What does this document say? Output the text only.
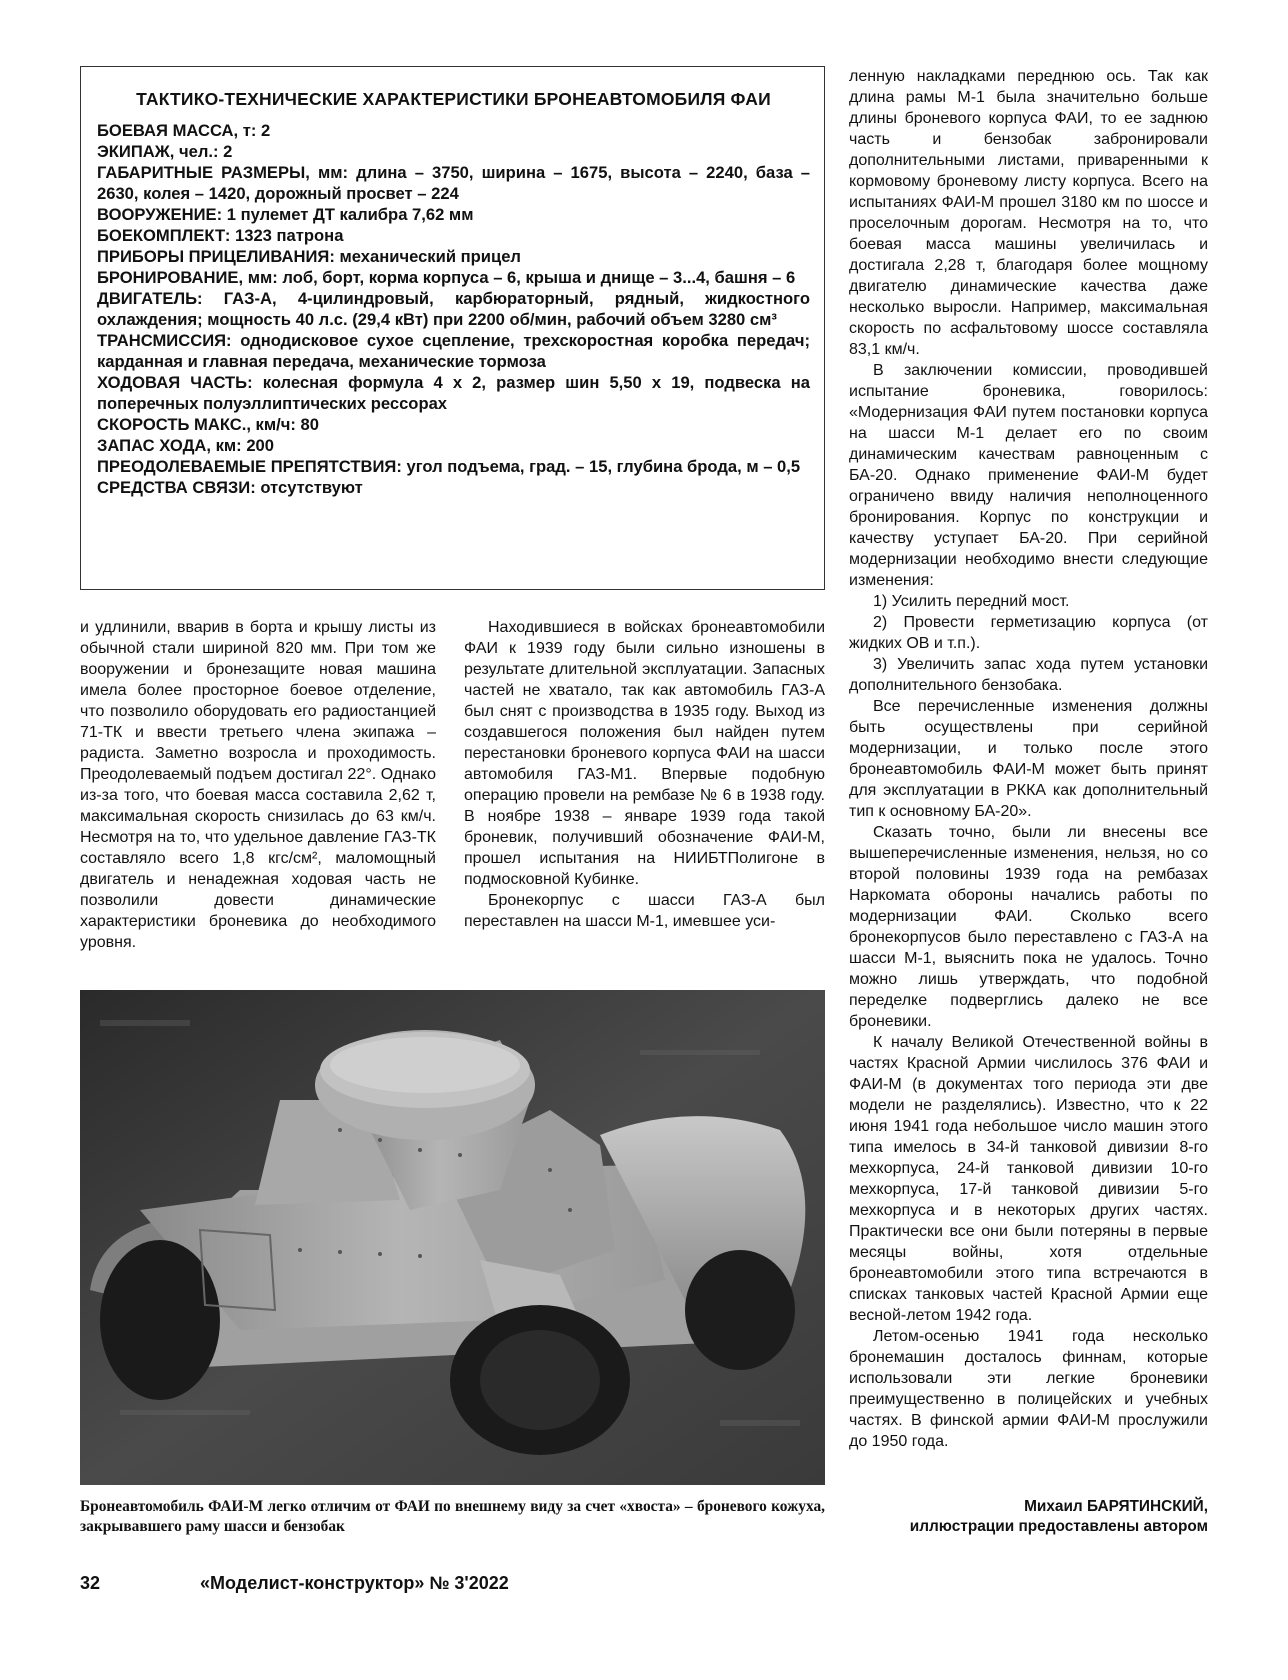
ТАКТИКО-ТЕХНИЧЕСКИЕ ХАРАКТЕРИСТИКИ БРОНЕАВТОМОБИЛЯ ФАИ

БОЕВАЯ МАССА, т: 2

ЭКИПАЖ, чел.: 2

ГАБАРИТНЫЕ РАЗМЕРЫ, мм: длина – 3750, ширина – 1675, высота – 2240, база – 2630, колея – 1420, дорожный просвет – 224

ВООРУЖЕНИЕ: 1 пулемет ДТ калибра 7,62 мм

БОЕКОМПЛЕКТ: 1323 патрона

ПРИБОРЫ ПРИЦЕЛИВАНИЯ: механический прицел

БРОНИРОВАНИЕ, мм: лоб, борт, корма корпуса – 6, крыша и днище – 3...4, башня – 6

ДВИГАТЕЛЬ: ГАЗ-А, 4-цилиндровый, карбюраторный, рядный, жидкостного охлаждения; мощность 40 л.с. (29,4 кВт) при 2200 об/мин, рабочий объем 3280 см³

ТРАНСМИССИЯ: однодисковое сухое сцепление, трехскоростная коробка передач; карданная и главная передача, механические тормоза

ХОДОВАЯ ЧАСТЬ: колесная формула 4 х 2, размер шин 5,50 х 19, подвеска на поперечных полуэллиптических рессорах

СКОРОСТЬ МАКС., км/ч: 80

ЗАПАС ХОДА, км: 200

ПРЕОДОЛЕВАЕМЫЕ ПРЕПЯТСТВИЯ: угол подъема, град. – 15, глубина брода, м – 0,5

СРЕДСТВА СВЯЗИ: отсутствуют

и удлинили, вварив в борта и крышу листы из обычной стали шириной 820 мм. При том же вооружении и бронезащите новая машина имела более просторное боевое отделение, что позволило оборудовать его радиостанцией 71-ТК и ввести третьего члена экипажа – радиста. Заметно возросла и проходимость. Преодолеваемый подъем достигал 22°. Однако из-за того, что боевая масса составила 2,62 т, максимальная скорость снизилась до 63 км/ч. Несмотря на то, что удельное давление ГАЗ-ТК составляло всего 1,8 кгс/см², маломощный двигатель и ненадежная ходовая часть не позволили довести динамические характеристики броневика до необходимого уровня.

Находившиеся в войсках бронеавтомобили ФАИ к 1939 году были сильно изношены в результате длительной эксплуатации. Запасных частей не хватало, так как автомобиль ГАЗ-А был снят с производства в 1935 году. Выход из создавшегося положения был найден путем перестановки броневого корпуса ФАИ на шасси автомобиля ГАЗ-М1. Впервые подобную операцию провели на рембазе № 6 в 1938 году. В ноябре 1938 – январе 1939 года такой броневик, получивший обозначение ФАИ-М, прошел испытания на НИИБТПолигоне в подмосковной Кубинке.

Бронекорпус с шасси ГАЗ-А был переставлен на шасси М-1, имевшее уси-

ленную накладками переднюю ось. Так как длина рамы М-1 была значительно больше длины броневого корпуса ФАИ, то ее заднюю часть и бензобак забронировали дополнительными листами, приваренными к кормовому броневому листу корпуса. Всего на испытаниях ФАИ-М прошел 3180 км по шоссе и проселочным дорогам. Несмотря на то, что боевая масса машины увеличилась и достигала 2,28 т, благодаря более мощному двигателю динамические качества даже несколько выросли. Например, максимальная скорость по асфальтовому шоссе составляла 83,1 км/ч.

В заключении комиссии, проводившей испытание броневика, говорилось: «Модернизация ФАИ путем постановки корпуса на шасси М-1 делает его по своим динамическим качествам равноценным с БА-20. Однако применение ФАИ-М будет ограничено ввиду наличия неполноценного бронирования. Корпус по конструкции и качеству уступает БА-20. При серийной модернизации необходимо внести следующие изменения:

1) Усилить передний мост.

2) Провести герметизацию корпуса (от жидких ОВ и т.п.).

3) Увеличить запас хода путем установки дополнительного бензобака.

Все перечисленные изменения должны быть осуществлены при серийной модернизации, и только после этого бронеавтомобиль ФАИ-М может быть принят для эксплуатации в РККА как дополнительный тип к основному БА-20».

Сказать точно, были ли внесены все вышеперечисленные изменения, нельзя, но со второй половины 1939 года на рембазах Наркомата обороны начались работы по модернизации ФАИ. Сколько всего бронекорпусов было переставлено с ГАЗ-А на шасси М-1, выяснить пока не удалось. Точно можно лишь утверждать, что подобной переделке подверглись далеко не все броневики.

К началу Великой Отечественной войны в частях Красной Армии числилось 376 ФАИ и ФАИ-М (в документах того периода эти две модели не разделялись). Известно, что к 22 июня 1941 года небольшое число машин этого типа имелось в 34-й танковой дивизии 8-го мехкорпуса, 24-й танковой дивизии 10-го мехкорпуса, 17-й танковой дивизии 5-го мехкорпуса и в некоторых других частях. Практически все они были потеряны в первые месяцы войны, хотя отдельные бронеавтомобили этого типа встречаются в списках танковых частей Красной Армии еще весной-летом 1942 года.

Летом-осенью 1941 года несколько бронемашин досталось финнам, которые использовали эти легкие броневики преимущественно в полицейских и учебных частях. В финской армии ФАИ-М прослужили до 1950 года.

Бронеавтомобиль ФАИ-М легко отличим от ФАИ по внешнему виду за счет «хвоста» – броневого кожуха, закрывавшего раму шасси и бензобак
Михаил БАРЯТИНСКИЙ,
иллюстрации предоставлены автором
32	«Моделист-конструктор» № 3'2022
